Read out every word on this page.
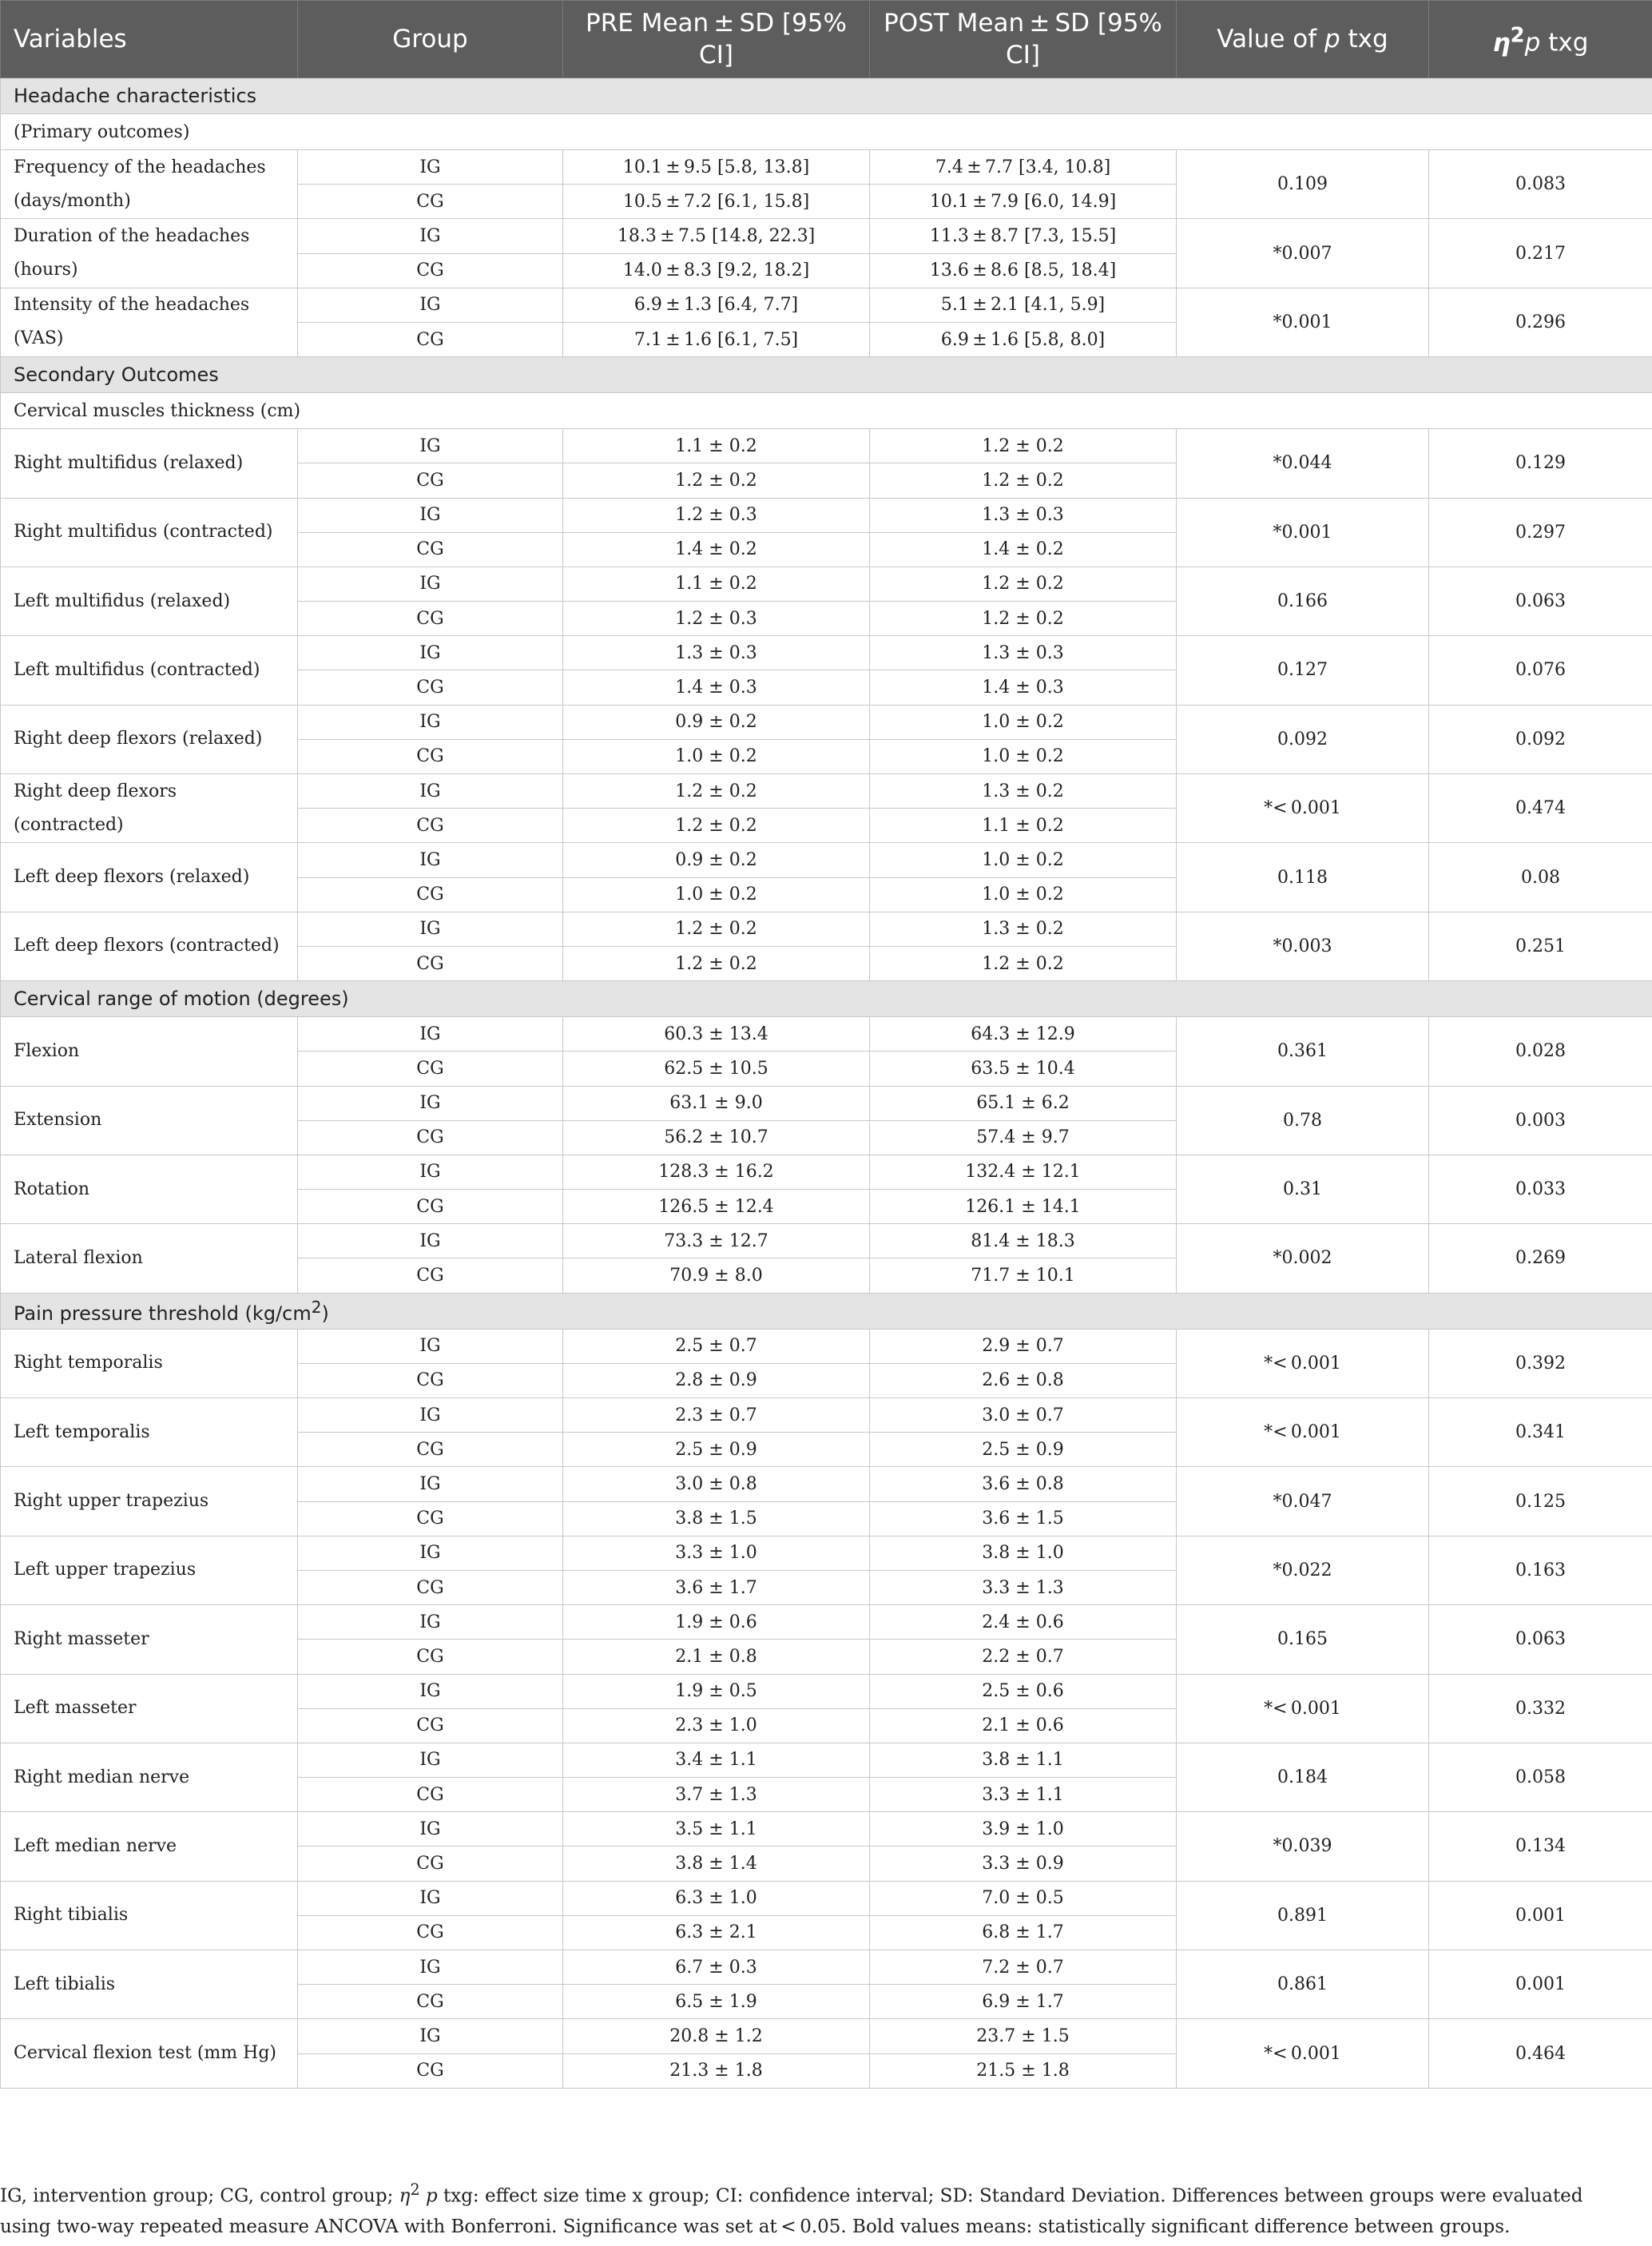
Variables	Group	PRE Mean ± SD [95% CI]	POST Mean ± SD [95% CI]	Value of p txg	$\eta^2p$ txg
Headache characteristics					
(Primary outcomes)					
Frequency of the headaches (days/month)	IG	10.1 ± 9.5 [5.8, 13.8]	7.4 ± 7.7 [3.4, 10.8]	0.109	0.083
	CG	10.5 ± 7.2 [6.1, 15.8]	10.1 ± 7.9 [6.0, 14.9]		
Duration of the headaches (hours)	IG	18.3 ± 7.5 [14.8, 22.3]	11.3 ± 8.7 [7.3, 15.5]	*0.007	0.217
	CG	14.0 ± 8.3 [9.2, 18.2]	13.6 ± 8.6 [8.5, 18.4]		
Intensity of the headaches (VAS)	IG	6.9 ± 1.3 [6.4, 7.7]	5.1 ± 2.1 [4.1, 5.9]	*0.001	0.296
	CG	7.1 ± 1.6 [6.1, 7.5]	6.9 ± 1.6 [5.8, 8.0]		
Secondary Outcomes					
Cervical muscles thickness (cm)					
Right multifidus (relaxed)	IG	1.1 ± 0.2	1.2 ± 0.2	*0.044	0.129
	CG	1.2 ± 0.2	1.2 ± 0.2		
Right multifidus (contracted)	IG	1.2 ± 0.3	1.3 ± 0.3	*0.001	0.297
	CG	1.4 ± 0.2	1.4 ± 0.2		
Left multifidus (relaxed)	IG	1.1 ± 0.2	1.2 ± 0.2	0.166	0.063
	CG	1.2 ± 0.3	1.2 ± 0.2		
Left multifidus (contracted)	IG	1.3 ± 0.3	1.3 ± 0.3	0.127	0.076
	CG	1.4 ± 0.3	1.4 ± 0.3		
Right deep flexors (relaxed)	IG	0.9 ± 0.2	1.0 ± 0.2	0.092	0.092
	CG	1.0 ± 0.2	1.0 ± 0.2		
Right deep flexors (contracted)	IG	1.2 ± 0.2	1.3 ± 0.2	*< 0.001	0.474
	CG	1.2 ± 0.2	1.1 ± 0.2		
Left deep flexors (relaxed)	IG	0.9 ± 0.2	1.0 ± 0.2	0.118	0.08
	CG	1.0 ± 0.2	1.0 ± 0.2		
Left deep flexors (contracted)	IG	1.2 ± 0.2	1.3 ± 0.2	*0.003	0.251
	CG	1.2 ± 0.2	1.2 ± 0.2		
Cervical range of motion (degrees)					
Flexion	IG	60.3 ± 13.4	64.3 ± 12.9	0.361	0.028
	CG	62.5 ± 10.5	63.5 ± 10.4		
Extension	IG	63.1 ± 9.0	65.1 ± 6.2	0.78	0.003
	CG	56.2 ± 10.7	57.4 ± 9.7		
Rotation	IG	128.3 ± 16.2	132.4 ± 12.1	0.31	0.033
	CG	126.5 ± 12.4	126.1 ± 14.1		
Lateral flexion	IG	73.3 ± 12.7	81.4 ± 18.3	*0.002	0.269
	CG	70.9 ± 8.0	71.7 ± 10.1		
Pain pressure threshold $(kg/cm^2)$					
Right temporalis	IG	2.5 ± 0.7	2.9 ± 0.7	*< 0.001	0.392
	CG	2.8 ± 0.9	2.6 ± 0.8		
Left temporalis	IG	2.3 ± 0.7	3.0 ± 0.7	*< 0.001	0.341
	CG	2.5 ± 0.9	2.5 ± 0.9		
Right upper trapezius	IG	3.0 ± 0.8	3.6 ± 0.8	*0.047	0.125
	CG	3.8 ± 1.5	3.6 ± 1.5		
Left upper trapezius	IG	3.3 ± 1.0	3.8 ± 1.0	*0.022	0.163
	CG	3.6 ± 1.7	3.3 ± 1.3		
Right masseter	IG	1.9 ± 0.6	2.4 ± 0.6	0.165	0.063
	CG	2.1 ± 0.8	2.2 ± 0.7		
Left masseter	IG	1.9 ± 0.5	2.5 ± 0.6	*< 0.001	0.332
	CG	2.3 ± 1.0	2.1 ± 0.6		
Right median nerve	IG	3.4 ± 1.1	3.8 ± 1.1	0.184	0.058
	CG	3.7 ± 1.3	3.3 ± 1.1		
Left median nerve	IG	3.5 ± 1.1	3.9 ± 1.0	*0.039	0.134
	CG	3.8 ± 1.4	3.3 ± 0.9		
Right tibialis	IG	6.3 ± 1.0	7.0 ± 0.5	0.891	0.001
	CG	6.3 ± 2.1	6.8 ± 1.7		
Left tibialis	IG	6.7 ± 0.3	7.2 ± 0.7	0.861	0.001
	CG	6.5 ± 1.9	6.9 ± 1.7		
Cervical flexion test (mm Hg)	IG	20.8 ± 1.2	23.7 ± 1.5	*< 0.001	0.464
	CG	21.3 ± 1.8	21.5 ± 1.8		
IG, intervention group; CG, control group; $\eta^2$ p txg: effect size time x group; CI: confidence interval; SD: Standard Deviation. Differences between groups were evaluated using two-way repeated measure ANCOVA with Bonferroni. Significance was set at < 0.05. Bold values means: statistically significant difference between groups.
